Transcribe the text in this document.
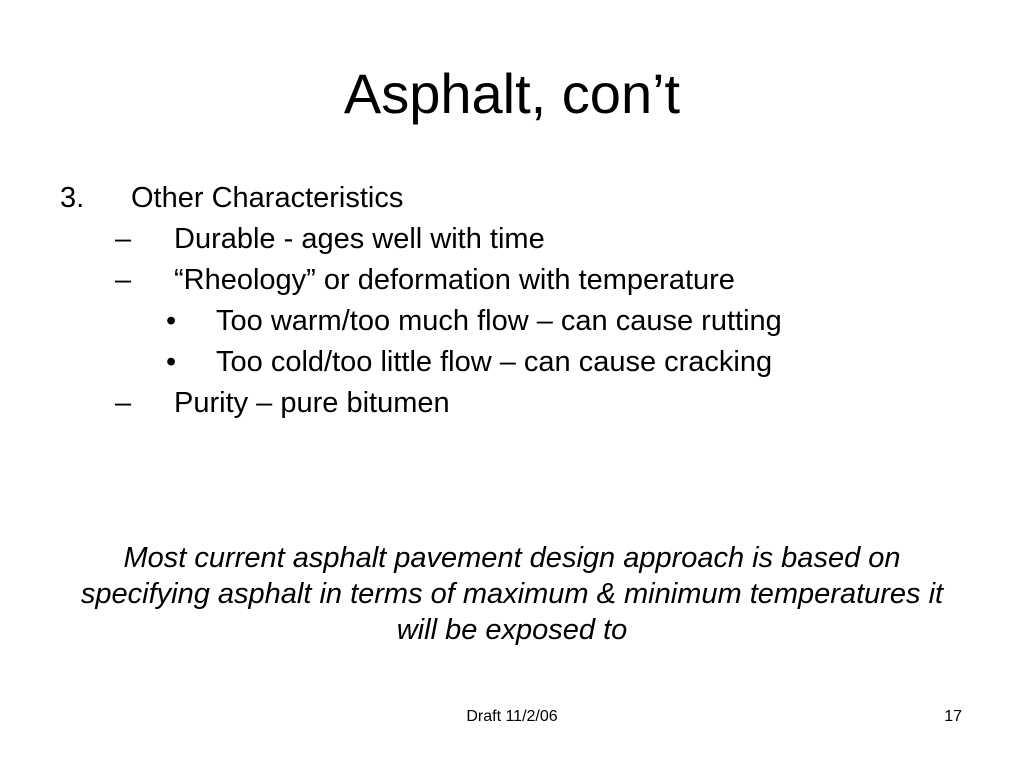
Asphalt, con’t
3. Other Characteristics
– Durable - ages well with time
– “Rheology” or deformation with temperature
• Too warm/too much flow – can cause rutting
• Too cold/too little flow – can cause cracking
– Purity – pure bitumen
Most current asphalt pavement design approach is based on specifying asphalt in terms of maximum & minimum temperatures it will be exposed to
Draft 11/2/06	17
